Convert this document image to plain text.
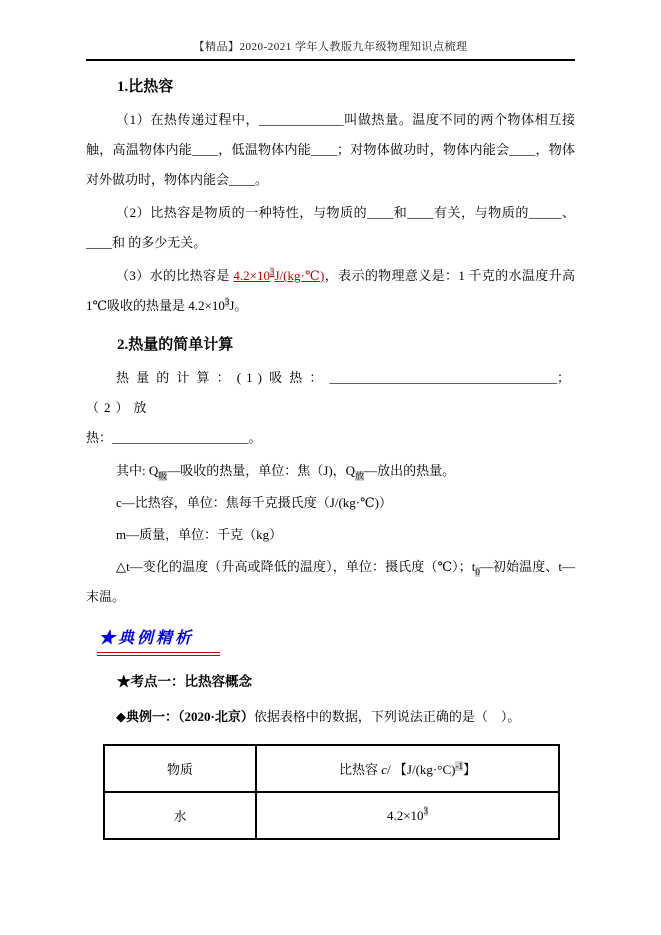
【精品】2020-2021 学年人教版九年级物理知识点梳理
1.比热容

（1）在热传递过程中，_____________叫做热量。温度不同的两个物体相互接触，高温物体内能____，低温物体内能____；对物体做功时，物体内能会____，物体对外做功时，物体内能会____。

（2）比热容是物质的一种特性，与物质的____和____有关，与物质的_____、____和 的多少无关。

（3）水的比热容是 $4.2\times 10^3J/(kg\cdot℃)$，表示的物理意义是：1 千克的水温度升高 1℃吸收的热量是 $4.2\times 10^3J$。

2.热量的简单计算

热量的计算：(1)吸热：___________________________________；（2）放
热：_____________________。

其中: $Q_吸—$吸收的热量，单位：焦（J)，$Q_放—$放出的热量。

c—比热容，单位：焦每千克摄氏度（J/(kg·℃)）

m—质量，单位：千克（kg）

△t—变化的温度（升高或降低的温度），单位：摄氏度（℃）；$t_0—$初始温度、t—末温。

★典例精析
★考点一：比热容概念

◆典例一：（2020·北京）依据表格中的数据，下列说法正确的是（　）。

物质	比热容 c/ 【$J/(kg\cdot^\circ C)^{-1}$】
水	$4.2\times 10^3$
